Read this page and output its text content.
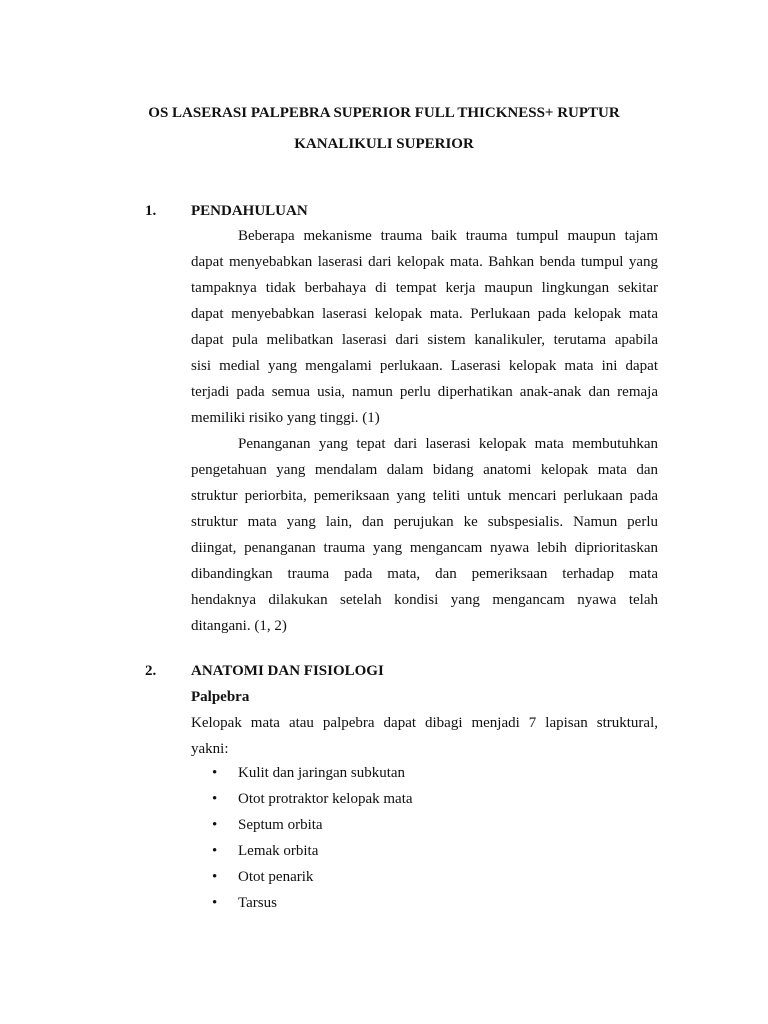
OS LASERASI PALPEBRA SUPERIOR FULL THICKNESS+ RUPTUR
KANALIKULI SUPERIOR
1. PENDAHULUAN
Beberapa mekanisme trauma baik trauma tumpul maupun tajam
dapat menyebabkan laserasi dari kelopak mata. Bahkan benda tumpul yang
tampaknya tidak berbahaya di tempat kerja maupun lingkungan sekitar
dapat menyebabkan laserasi kelopak mata. Perlukaan pada kelopak mata
dapat pula melibatkan laserasi dari sistem kanalikuler, terutama apabila
sisi medial yang mengalami perlukaan. Laserasi kelopak mata ini dapat
terjadi pada semua usia, namun perlu diperhatikan anak-anak dan remaja
memiliki risiko yang tinggi. (1)
Penanganan yang tepat dari laserasi kelopak mata membutuhkan
pengetahuan yang mendalam dalam bidang anatomi kelopak mata dan
struktur periorbita, pemeriksaan yang teliti untuk mencari perlukaan pada
struktur mata yang lain, dan perujukan ke subspesialis. Namun perlu
diingat, penanganan trauma yang mengancam nyawa lebih diprioritaskan
dibandingkan trauma pada mata, dan pemeriksaan terhadap mata
hendaknya dilakukan setelah kondisi yang mengancam nyawa telah
ditangani. (1, 2)
2. ANATOMI DAN FISIOLOGI
Palpebra
Kelopak mata atau palpebra dapat dibagi menjadi 7 lapisan struktural,
yakni:
• Kulit dan jaringan subkutan
• Otot protraktor kelopak mata
• Septum orbita
• Lemak orbita
• Otot penarik
• Tarsus
